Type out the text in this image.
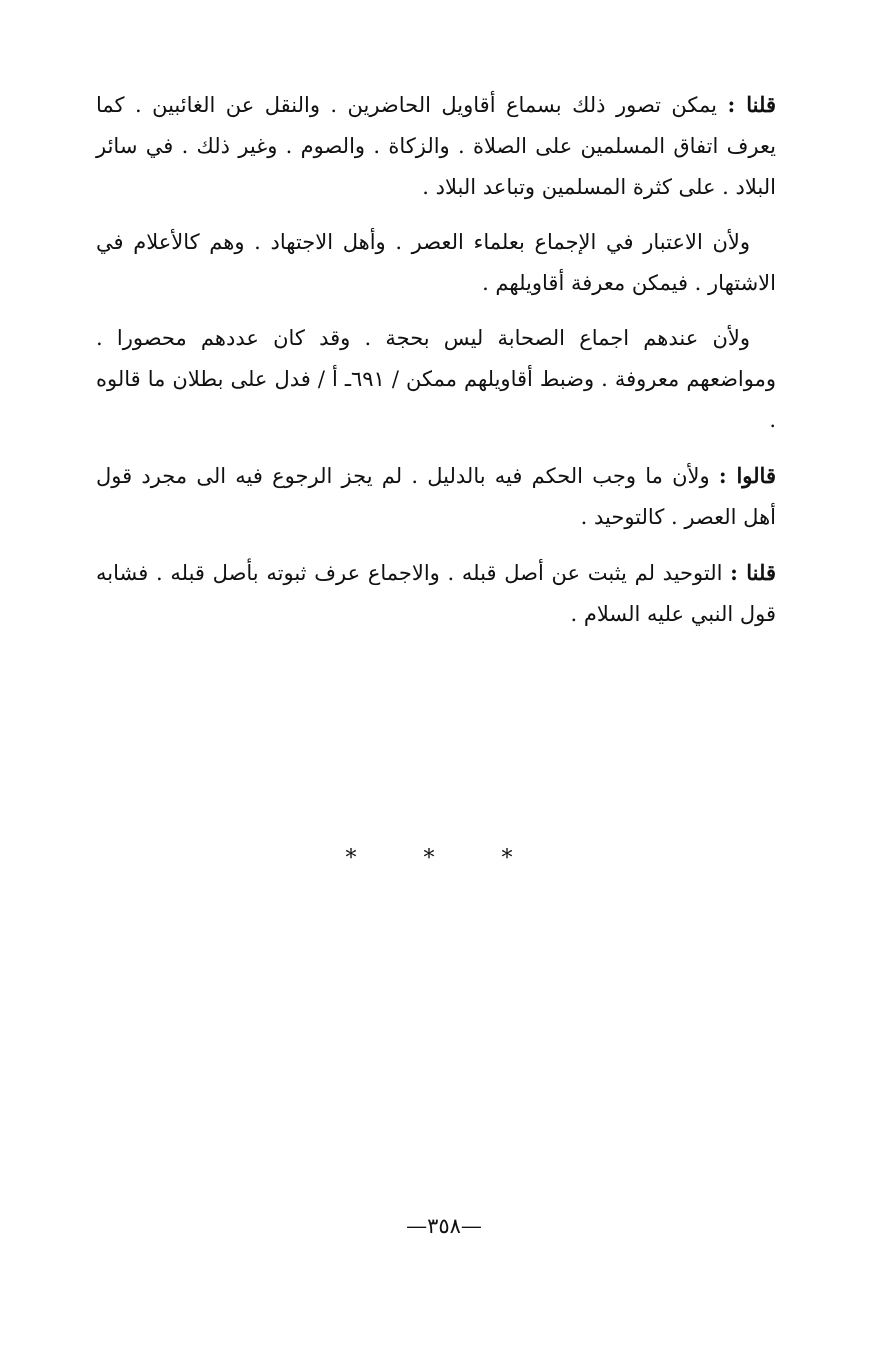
قلنا : يمكن تصور ذلك بسماع أقاويل الحاضرين . والنقل عن الغائبين . كما يعرف اتفاق المسلمين على الصلاة . والزكاة . والصوم . وغير ذلك . في سائر البلاد . على كثرة المسلمين وتباعد البلاد .

ولأن الاعتبار في الإجماع بعلماء العصر . وأهل الاجتهاد . وهم كالأعلام في الاشتهار . فيمكن معرفة أقاويلهم .

ولأن عندهم اجماع الصحابة ليس بحجة . وقد كان عددهم محصورا . ومواضعهم معروفة . وضبط أقاويلهم ممكن / ٦٩١ـ أ / فدل على بطلان ما قالوه .

قالوا : ولأن ما وجب الحكم فيه بالدليل . لم يجز الرجوع فيه الى مجرد قول أهل العصر . كالتوحيد .

قلنا : التوحيد لم يثبت عن أصل قبله . والاجماع عرف ثبوته بأصل قبله . فشابه قول النبي عليه السلام .

* * *
—٣٥٨—
